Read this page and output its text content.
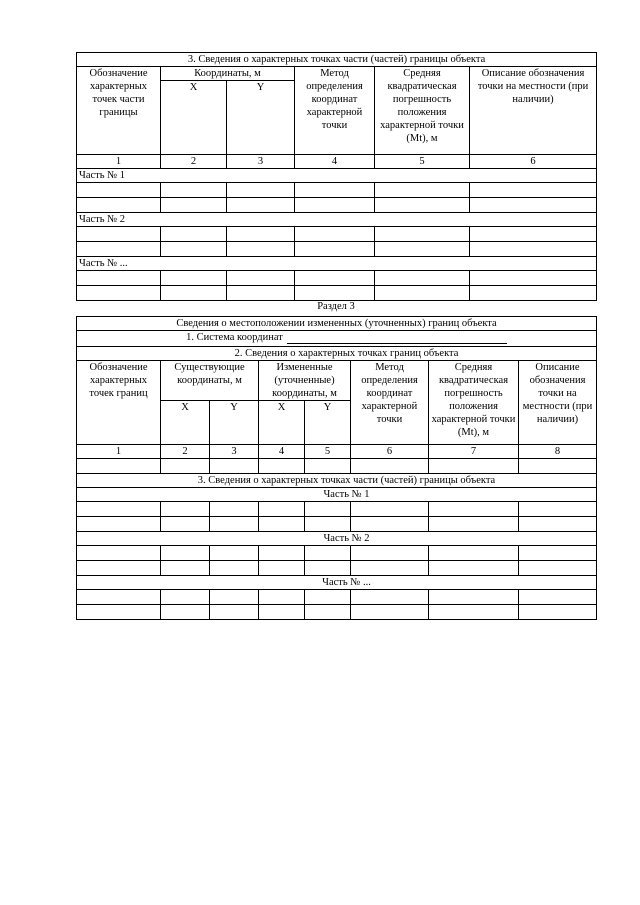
3. Сведения о характерных точках части (частей) границы объекта					
Обозначение характерных точек части границы	Координаты, м		Метод определения координат характерной точки	Средняя квадратическая погрешность положения характерной точки (Mt), м	Описание обозначения точки на местности (при наличии)
	X	Y			
1	2	3	4	5	6
Часть № 1					

Часть № 2					

Часть № ...					

Раздел 3
Сведения о местоположении измененных (уточненных) границ объекта							
1. Система координат							
2. Сведения о характерных точках границ объекта							
Обозначение характерных точек границ	Существующие координаты, м		Измененные (уточненные) координаты, м		Метод определения координат характерной точки	Средняя квадратическая погрешность положения характерной точки (Mt), м	Описание обозначения точки на местности (при наличии)
	X	Y	X	Y			
1	2	3	4	5	6	7	8

3. Сведения о характерных точках части (частей) границы объекта							
Часть № 1							

Часть № 2							

Часть № ...							
